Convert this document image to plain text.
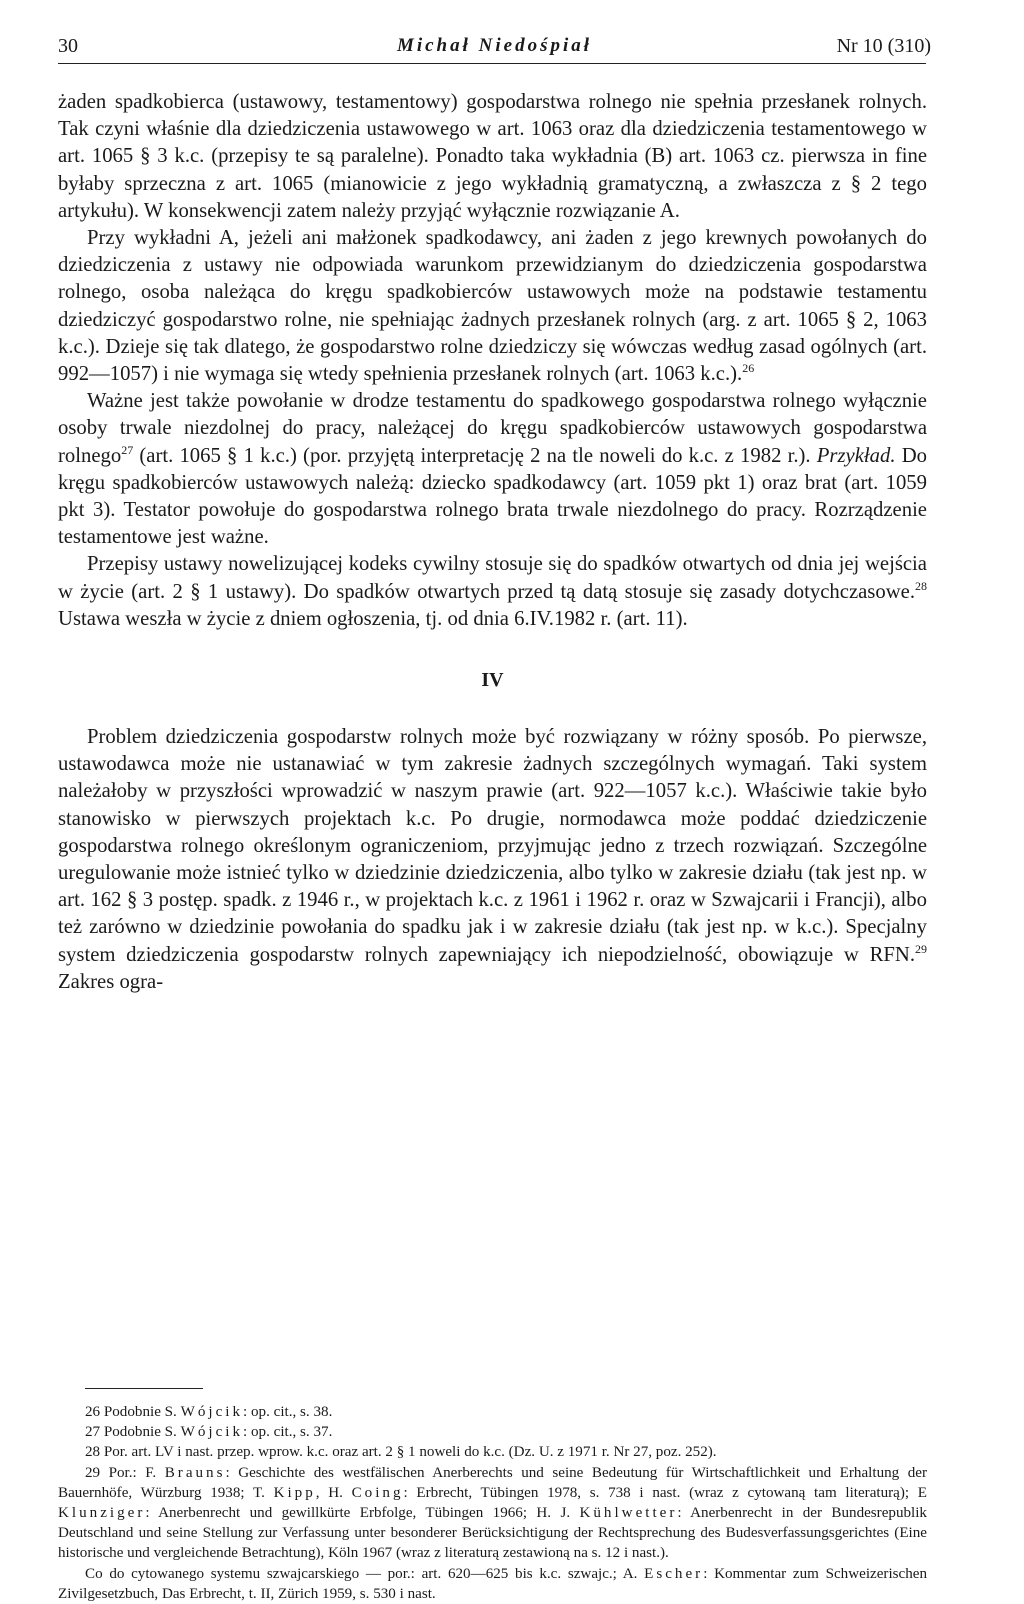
30	Michał Niedośpiał	Nr 10 (310)

żaden spadkobierca (ustawowy, testamentowy) gospodarstwa rolnego nie spełnia przesłanek rolnych. Tak czyni właśnie dla dziedziczenia ustawowego w art. 1063 oraz dla dziedziczenia testamentowego w art. 1065 § 3 k.c. (przepisy te są paralelne). Ponadto taka wykładnia (B) art. 1063 cz. pierwsza in fine byłaby sprzeczna z art. 1065 (mianowicie z jego wykładnią gramatyczną, a zwłaszcza z § 2 tego artykułu). W konsekwencji zatem należy przyjąć wyłącznie rozwiązanie A.

Przy wykładni A, jeżeli ani małżonek spadkodawcy, ani żaden z jego krewnych powołanych do dziedziczenia z ustawy nie odpowiada warunkom przewidzianym do dziedziczenia gospodarstwa rolnego, osoba należąca do kręgu spadkobierców ustawowych może na podstawie testamentu dziedziczyć gospodarstwo rolne, nie spełniając żadnych przesłanek rolnych (arg. z art. 1065 § 2, 1063 k.c.). Dzieje się tak dlatego, że gospodarstwo rolne dziedziczy się wówczas według zasad ogólnych (art. 992—1057) i nie wymaga się wtedy spełnienia przesłanek rolnych (art. 1063 k.c.).$^{26}$

Ważne jest także powołanie w drodze testamentu do spadkowego gospodarstwa rolnego wyłącznie osoby trwale niezdolnej do pracy, należącej do kręgu spadkobierców ustawowych gospodarstwa rolnego$^{27}$ (art. 1065 § 1 k.c.) (por. przyjętą interpretację 2 na tle noweli do k.c. z 1982 r.). Przykład. Do kręgu spadkobierców ustawowych należą: dziecko spadkodawcy (art. 1059 pkt 1) oraz brat (art. 1059 pkt 3). Testator powołuje do gospodarstwa rolnego brata trwale niezdolnego do pracy. Rozrządzenie testamentowe jest ważne.

Przepisy ustawy nowelizującej kodeks cywilny stosuje się do spadków otwartych od dnia jej wejścia w życie (art. 2 § 1 ustawy). Do spadków otwartych przed tą datą stosuje się zasady dotychczasowe.$^{28}$ Ustawa weszła w życie z dniem ogłoszenia, tj. od dnia 6.IV.1982 r. (art. 11).

IV

Problem dziedziczenia gospodarstw rolnych może być rozwiązany w różny sposób. Po pierwsze, ustawodawca może nie ustanawiać w tym zakresie żadnych szczególnych wymagań. Taki system należałoby w przyszłości wprowadzić w naszym prawie (art. 922—1057 k.c.). Właściwie takie było stanowisko w pierwszych projektach k.c. Po drugie, normodawca może poddać dziedziczenie gospodarstwa rolnego określonym ograniczeniom, przyjmując jedno z trzech rozwiązań. Szczególne uregulowanie może istnieć tylko w dziedzinie dziedziczenia, albo tylko w zakresie działu (tak jest np. w art. 162 § 3 postęp. spadk. z 1946 r., w projektach k.c. z 1961 i 1962 r. oraz w Szwajcarii i Francji), albo też zarówno w dziedzinie powołania do spadku jak i w zakresie działu (tak jest np. w k.c.). Specjalny system dziedziczenia gospodarstw rolnych zapewniający ich niepodzielność, obowiązuje w RFN.$^{29}$ Zakres ogra-

26 Podobnie S. Wójcik: op. cit., s. 38.

27 Podobnie S. Wójcik: op. cit., s. 37.

28 Por. art. LV i nast. przep. wprow. k.c. oraz art. 2 § 1 noweli do k.c. (Dz. U. z 1971 r. Nr 27, poz. 252).

29 Por.: F. Brauns: Geschichte des westfälischen Anerberechts und seine Bedeutung für Wirtschaftlichkeit und Erhaltung der Bauernhöfe, Würzburg 1938; T. Kipp, H. Coing: Erbrecht, Tübingen 1978, s. 738 i nast. (wraz z cytowaną tam literaturą); E Klunziger: Anerbenrecht und gewillkürte Erbfolge, Tübingen 1966; H. J. Kühlwetter: Anerbenrecht in der Bundesrepublik Deutschland und seine Stellung zur Verfassung unter besonderer Berücksichtigung der Rechtsprechung des Budesverfassungsgerichtes (Eine historische und vergleichende Betrachtung), Köln 1967 (wraz z literaturą zestawioną na s. 12 i nast.).

Co do cytowanego systemu szwajcarskiego — por.: art. 620—625 bis k.c. szwajc.; A. Escher: Kommentar zum Schweizerischen Zivilgesetzbuch, Das Erbrecht, t. II, Zürich 1959, s. 530 i nast.
